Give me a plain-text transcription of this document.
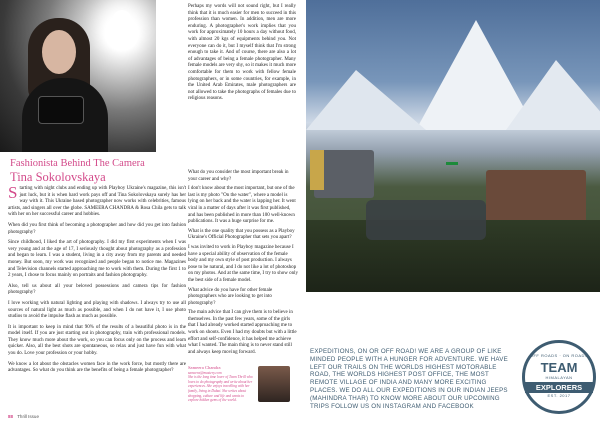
Fashionista Behind The Camera
Tina Sokolovskaya

Starting with night clubs and ending up with Playboy Ukraine's magazine, this isn't just luck, but it is when hard work pays off and Tina Sokolovskaya surely has her way with it. This Ukraine based photographer now works with celebrities, famous artists, and singers all over the globe. SAMEERA CHANDRA & Rosa Chila gets to talk with her on her successful career and hobbies.

When did you first think of becoming a photographer and how did you get into fashion photography?

Since childhood, I liked the art of photography. I did my first experiments when I was very young and at the age of 17, I seriously thought about photography as a profession and began to learn. I was a student, living in a city away from my parents and needed money. But soon, my work was recognized and people began to notice me. Magazines and Television channels started approaching me to work with them. During the first 1 to 2 years, I chose to focus mainly on portraits and fashion photography.

Also, tell us about all your beloved possessions and camera tips for fashion photography?

I love working with natural lighting and playing with shadows. I always try to use all sources of natural light as much as possible, and when I do not have it, I use photo studios to avoid the impulse flash as much as possible.

It is important to keep in mind that 90% of the results of a beautiful photo is in the model itself. If you are just starting out in photography, train with professional models. They know much more about the work, so you can focus only on the process and learn quicker. Also, all the best shots are spontaneous, so relax and just have fun with what you do. Love your profession or your hobby.

We know a lot about the obstacles women face in the work force, but mostly there are advantages. So what do you think are the benefits of being a female photographer?

Perhaps my words will not sound right, but I really think that it is much easier for men to succeed in this profession than women. In addition, men are more enduring. A photographer's work implies that you work for approximately 10 hours a day without food, with almost 20 kgs of equipments behind you. Not everyone can do it, but I myself think that I'm strong enough to take it. And of course, there are also a lot of advantages of being a female photographer. Many female models are very shy, so it makes it much more comfortable for them to work with fellow female photographers, or in some countries, for example, in the United Arab Emirates, male photographers are not allowed to take the photographs of females due to religious reasons.

What do you consider the most important break in your career and why?

I don't know about the most important, but one of the last is my photo "On the water", where a model is lying on her back and the water is lapping her. It went viral in a matter of days after it was first published, and has been published in more than 100 well-known publications. It was a huge surprise for me.

What is the one quality that you possess as a Playboy Ukraine's Official Photographer that sets you apart?

I was invited to work in Playboy magazine because I have a special ability of observation of the female body and my own style of post production. I always pose to be natural, and I do not like a lot of photoshop on my photos. And at the same time, I try to show only the best side of a female model.

What advice do you have for other female photographers who are looking to get into photography?

The main advice that I can give them is to believe in themselves. In the past few years, some of the girls that I had already worked started approaching me to work on shoots. Even I had my doubts but with a little effort and self-confidence, it has helped me achieve what I wanted. The main thing is to never stand still and always keep moving forward.

Sameera Chandra
sameera@mastery.com
She is the long time lover of Team Thrill who loves to do photography and write about her experiences. She enjoys travelling with her family, living in Dubai. She writes about shopping, culture and life and wants to explore hidden gems of the world.
88 Thrill Issue
EXPEDITIONS, ON OR OFF ROAD! WE ARE A GROUP OF LIKE MINDED PEOPLE WITH A HUNGER FOR ADVENTURE. WE HAVE LEFT OUR TRAILS ON THE WORLDS HIGHEST MOTORABLE ROAD, THE WORLDS HIGHEST POST OFFICE, THE MOST REMOTE VILLAGE OF INDIA AND MANY MORE EXCITING PLACES. WE DO ALL OUR EXPEDITIONS IN OUR INDIAN JEEPS (MAHINDRA THAR) TO KNOW MORE ABOUT OUR UPCOMING TRIPS FOLLOW US ON INSTAGRAM AND FACEBOOK
OFF ROADS · ON ROADS
TEAM
HIMALAYAN
EXPLORERS
EST. 2017
